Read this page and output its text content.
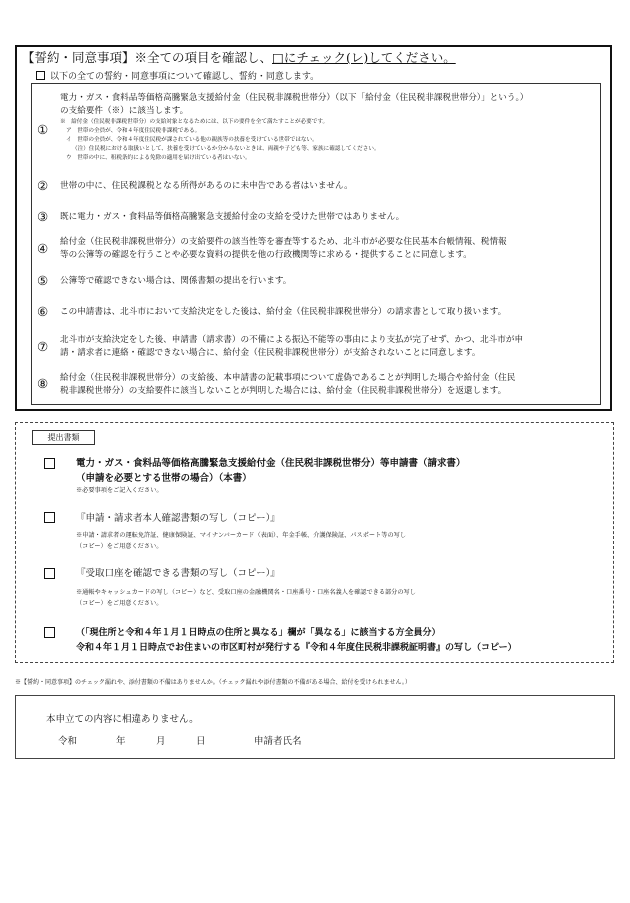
【誓約・同意事項】※全ての項目を確認し、□にチェック(レ)してください。
以下の全ての誓約・同意事項について確認し、誓約・同意します。
①
電力・ガス・食料品等価格高騰緊急支援給付金（住民税非課税世帯分）（以下「給付金（住民税非課税世帯分）」という。）
の支給要件（※）に該当します。
※　給付金（住民税非課税世帯分）の支給対象となるためには、以下の要件を全て満たすことが必要です。
ア　世帯の全員が、令和４年度住民税非課税である。
イ　世帯の全員が、令和４年度住民税が課されている他の親族等の扶養を受けている世帯ではない。
（注）住民税における取扱いとして、扶養を受けているか分からないときは、両親や子ども等、家族に確認してください。
ウ　世帯の中に、租税条約による免除の適用を届け出ている者はいない。
② 世帯の中に、住民税課税となる所得があるのに未申告である者はいません。
③ 既に電力・ガス・食料品等価格高騰緊急支援給付金の支給を受けた世帯ではありません。
④ 給付金（住民税非課税世帯分）の支給要件の該当性等を審査等するため、北斗市が必要な住民基本台帳情報、税情報
等の公簿等の確認を行うことや必要な資料の提供を他の行政機関等に求める・提供することに同意します。
⑤ 公簿等で確認できない場合は、関係書類の提出を行います。
⑥ この申請書は、北斗市において支給決定をした後は、給付金（住民税非課税世帯分）の請求書として取り扱います。
⑦ 北斗市が支給決定をした後、申請書（請求書）の不備による振込不能等の事由により支払が完了せず、かつ、北斗市が申
請・請求者に連絡・確認できない場合に、給付金（住民税非課税世帯分）が支給されないことに同意します。
⑧ 給付金（住民税非課税世帯分）の支給後、本申請書の記載事項について虚偽であることが判明した場合や給付金（住民
税非課税世帯分）の支給要件に該当しないことが判明した場合には、給付金（住民税非課税世帯分）を返還します。
提出書類
電力・ガス・食料品等価格高騰緊急支援給付金（住民税非課税世帯分）等申請書（請求書）
（申請を必要とする世帯の場合）（本書）
※必要事項をご記入ください。
『申請・請求者本人確認書類の写し（コピー）』
※申請・請求者の運転免許証、健康保険証、マイナンバーカード（表面）、年金手帳、介護保険証、パスポート等の写し
（コピー）をご用意ください。
『受取口座を確認できる書類の写し（コピー）』
※通帳やキャッシュカードの写し（コピー）など、受取口座の金融機関名・口座番号・口座名義人を確認できる部分の写し
（コピー）をご用意ください。
（「現住所と令和４年１月１日時点の住所と異なる」欄が「異なる」に該当する方全員分）
令和４年１月１日時点でお住まいの市区町村が発行する『令和４年度住民税非課税証明書』の写し（コピー）
※【誓約・同意事項】のチェック漏れや、添付書類の不備はありませんか。（チェック漏れや添付書類の不備がある場合、給付を受けられません。）
本申立ての内容に相違ありません。
令和	年	月	日	申請者氏名
